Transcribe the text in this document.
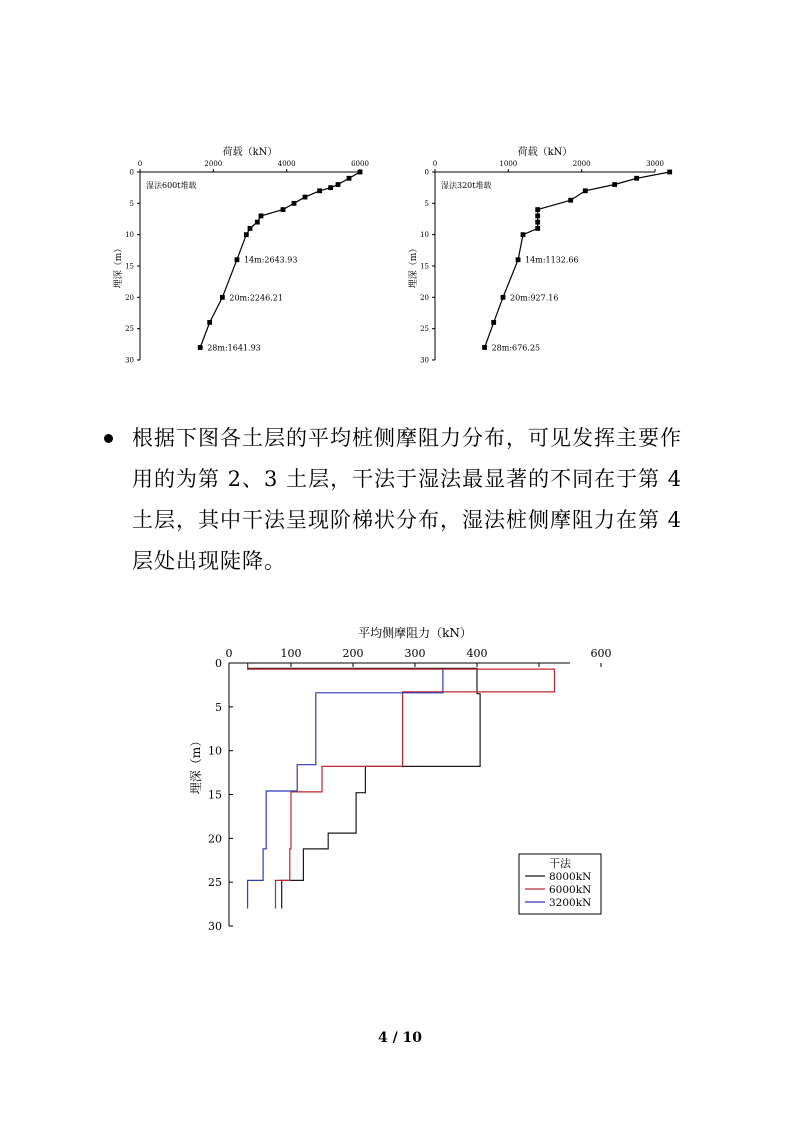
荷载（kN）
0	2000	4000	6000
0
5
10
15
20
25
30
埋深（m）
湿法600t堆载
14m:2643.93
20m:2246.21
28m:1641.93
荷载（kN）
0	1000	2000	3000
0
5
10
15
20
25
30
埋深（m）
湿法320t堆载
14m:1132.66
20m:927.16
28m:676.25

根据下图各土层的平均桩侧摩阻力分布，可见发挥主要作用的为第 2、3 土层，干法于湿法最显著的不同在于第 4 土层，其中干法呈现阶梯状分布，湿法桩侧摩阻力在第 4 层处出现陡降。

平均侧摩阻力（kN）
0	100	200	300	400	600
0
5
10
15
20
25
30
埋深（m）
干法
8000kN
6000kN
3200kN
4 / 10
